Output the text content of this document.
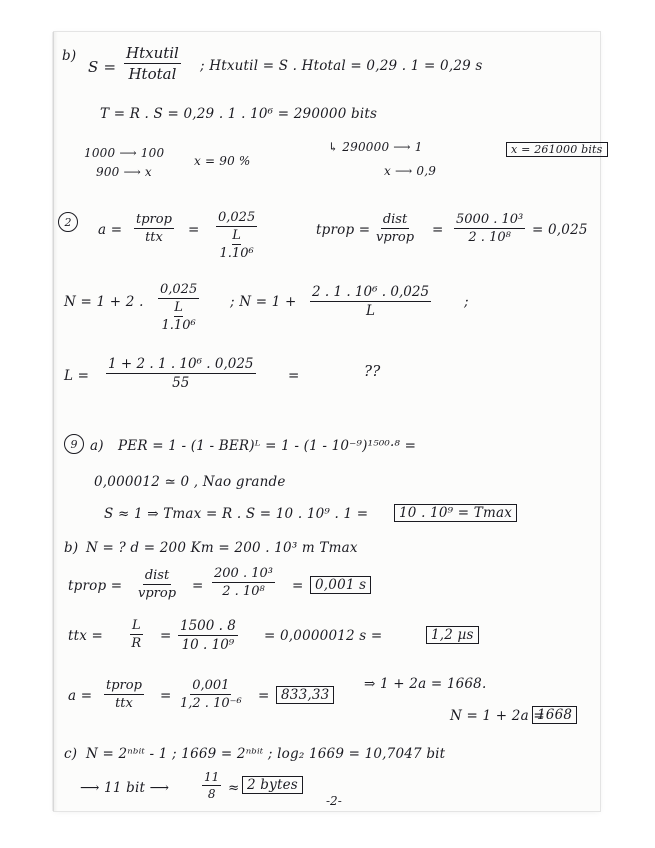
b)
S =
Htxutil
Htotal ; Htxutil = S . Htotal = 0,29 . 1 = 0,29 s
T = R . S = 0,29 . 1 . 10⁶ = 290000 bits
1000 ⟶ 100
900 ⟶ x
x = 90 %
↳ 290000 ⟶ 1
x ⟶ 0,9
x = 261000 bits
2	a =
tprop
ttx =
0,025
L
1.10⁶
tprop =
dist
vprop = $\frac{\text{5000 . 10³}}{\text{2 . 10⁸}} = 0,025$
N = 1 + 2 .
0,025
L
1.10⁶
; $N = 1 + \frac{\text{2 . 1 . 10⁶ . 0,025}}{L}$ ;
$L = \frac{\text{1 + 2 . 1 . 10⁶ . 0,025}}{55}$ =	??
9 a) PER = 1 - (1 - BER)ᴸ = 1 - (1 - 10⁻⁹)¹⁵⁰⁰·⁸ =
0,000012 ≃ 0 , Nao grande
S ≈ 1 ⇒ Tmax = R . S = 10 . 10⁹ . 1 =	10 . 10⁹ = Tmax
b) N = ? d = 200 Km = 200 . 10³ m Tmax
tprop =
dist
vprop = $\frac{\text{200 . 10³}}{\text{2 . 10⁸}} = 0,001$ s
ttx = $\frac{L}{R} = \frac{1500 . 8}{\text{10 . 10⁹}} = 0,0000012$ s =	1,2 µs
a =
tprop
ttx = $\frac{0,001}{\text{1,2 . 10⁻⁶}} = 833,33$
⇒ 1 + 2a = 1668.
N = 1 + 2a =
1668
c) N = 2ⁿᵇⁱᵗ - 1 ; 1669 = 2ⁿᵇⁱᵗ ; log₂ 1669 = 10,7047 bit
⟶ 11 bit ⟶	$\frac{11}{8} \approx 2$ bytes
-2-
